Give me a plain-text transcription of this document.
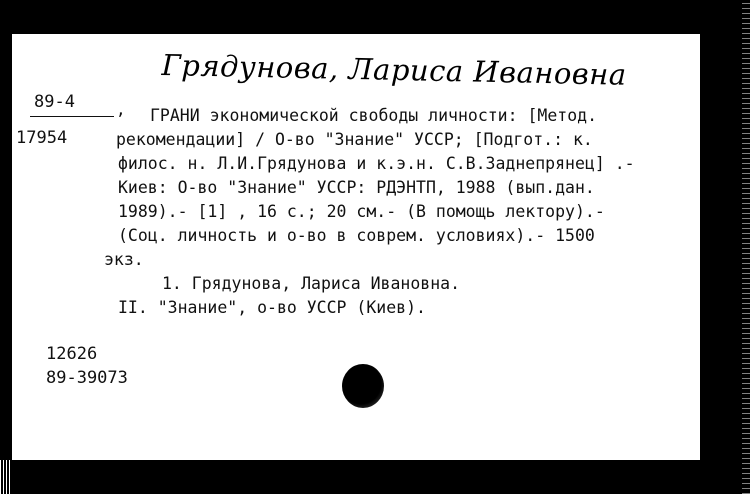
Грядунова, Лариса Ивановна
89-4	,
17954
ГРАНИ экономической свободы личности: [Метод.
рекомендации] / О-во "Знание" УССР; [Подгот.: к.
филос. н. Л.И.Грядунова и к.э.н. С.В.Заднепрянец] .-
Киев: О-во "Знание" УССР: РДЭНТП, 1988 (вып.дан.
1989).- [1] , 16 с.; 20 см.- (В помощь лектору).-
(Соц. личность и о-во в соврем. условиях).- 1500
экз.
1. Грядунова, Лариса Ивановна.
II. "Знание", о-во УССР (Киев).
12626
89-39073
